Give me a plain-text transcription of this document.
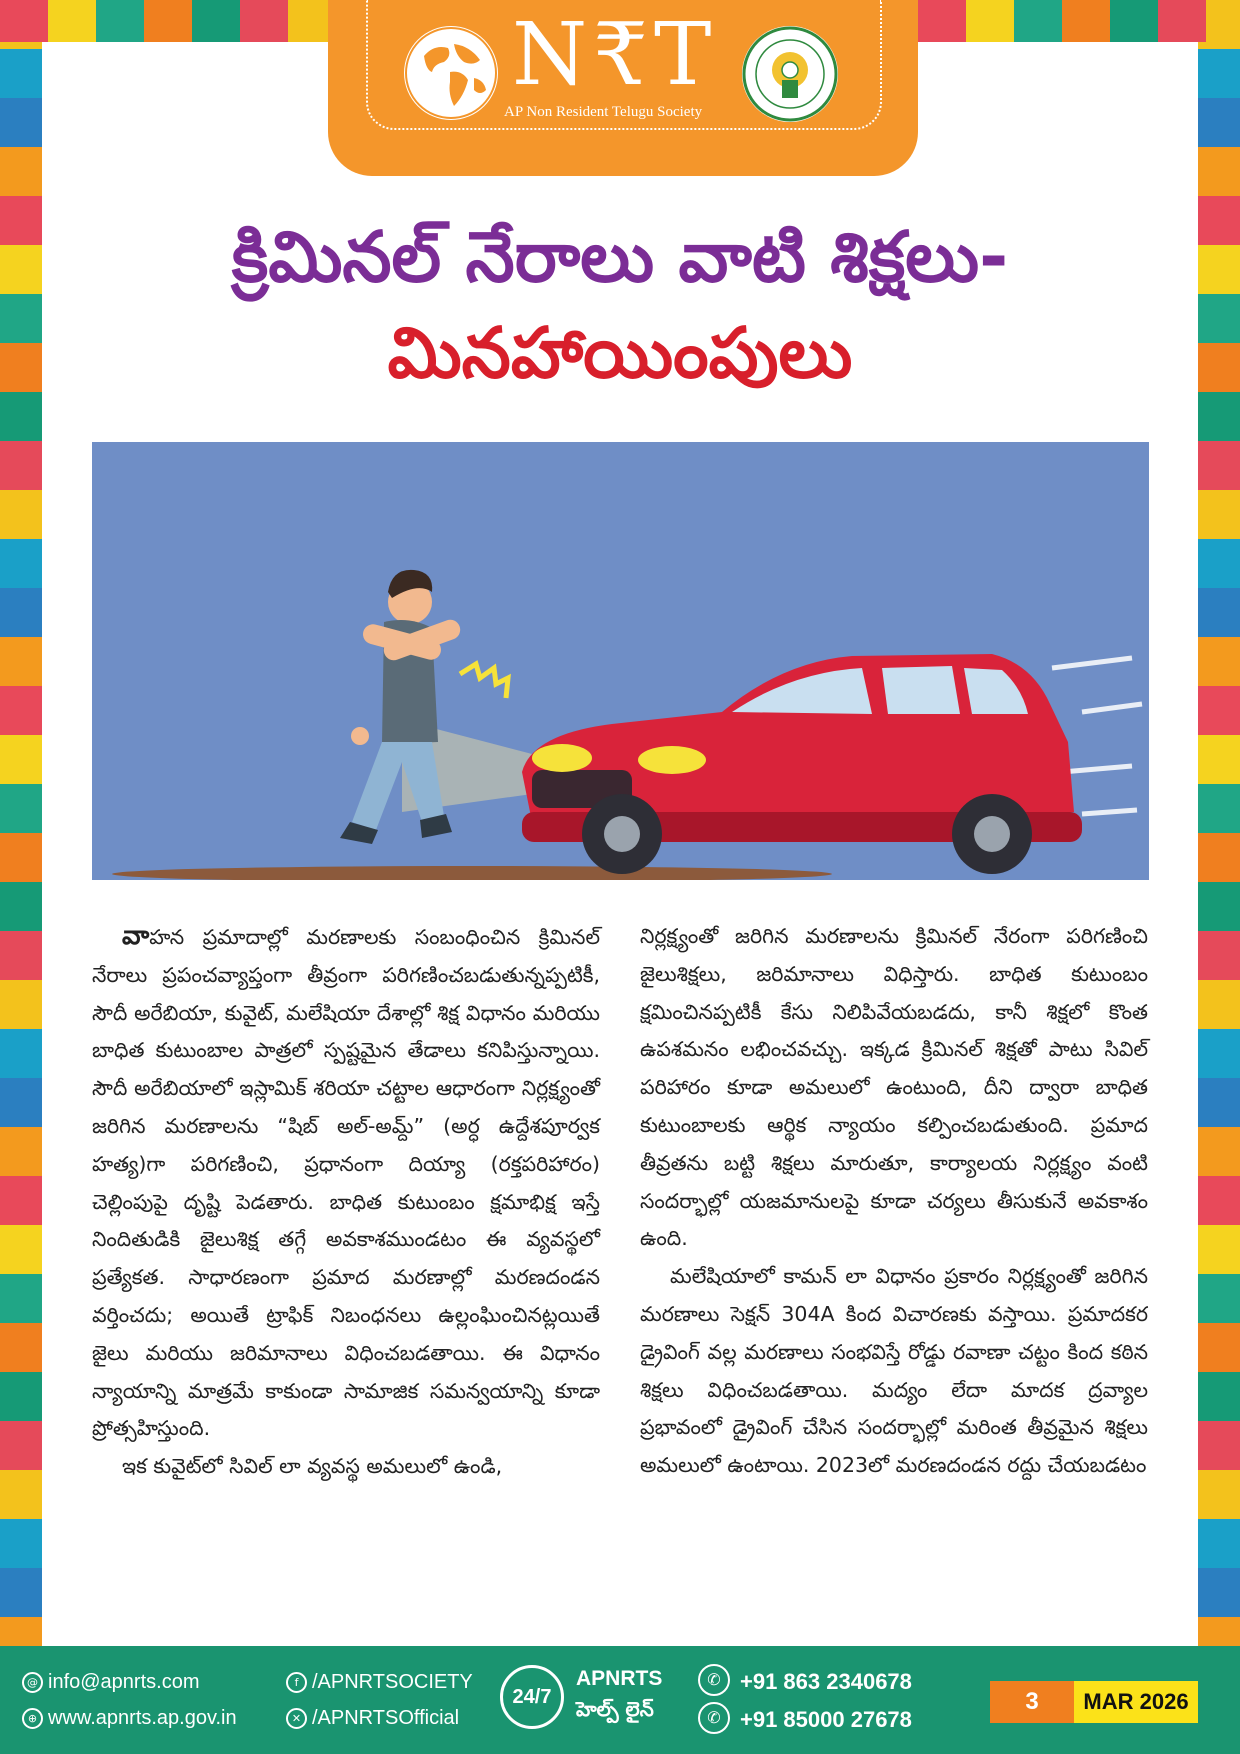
N₹T
AP Non Resident Telugu Society
క్రిమినల్ నేరాలు వాటి శిక్షలు-
మినహాయింపులు

వాహన ప్రమాదాల్లో మరణాలకు సంబంధించిన క్రిమినల్ నేరాలు ప్రపంచవ్యాప్తంగా తీవ్రంగా పరిగణించబడుతున్నప్పటికీ, సౌదీ అరేబియా, కువైట్, మలేషియా దేశాల్లో శిక్ష విధానం మరియు బాధిత కుటుంబాల పాత్రలో స్పష్టమైన తేడాలు కనిపిస్తున్నాయి. సౌదీ అరేబియాలో ఇస్లామిక్ శరియా చట్టాల ఆధారంగా నిర్లక్ష్యంతో జరిగిన మరణాలను “షిబ్ అల్-అమ్ద్” (అర్ధ ఉద్దేశపూర్వక హత్య)గా పరిగణించి, ప్రధానంగా దియ్యా (రక్తపరిహారం) చెల్లింపుపై దృష్టి పెడతారు. బాధిత కుటుంబం క్షమాభిక్ష ఇస్తే నిందితుడికి జైలుశిక్ష తగ్గే అవకాశముండటం ఈ వ్యవస్థలో ప్రత్యేకత. సాధారణంగా ప్రమాద మరణాల్లో మరణదండన వర్తించదు; అయితే ట్రాఫిక్ నిబంధనలు ఉల్లంఘించినట్లయితే జైలు మరియు జరిమానాలు విధించబడతాయి. ఈ విధానం న్యాయాన్ని మాత్రమే కాకుండా సామాజిక సమన్వయాన్ని కూడా ప్రోత్సహిస్తుంది.

ఇక కువైట్‌లో సివిల్ లా వ్యవస్థ అమలులో ఉండి,

నిర్లక్ష్యంతో జరిగిన మరణాలను క్రిమినల్ నేరంగా పరిగణించి జైలుశిక్షలు, జరిమానాలు విధిస్తారు. బాధిత కుటుంబం క్షమించినప్పటికీ కేసు నిలిపివేయబడదు, కానీ శిక్షలో కొంత ఉపశమనం లభించవచ్చు. ఇక్కడ క్రిమినల్ శిక్షతో పాటు సివిల్ పరిహారం కూడా అమలులో ఉంటుంది, దీని ద్వారా బాధిత కుటుంబాలకు ఆర్థిక న్యాయం కల్పించబడుతుంది. ప్రమాద తీవ్రతను బట్టి శిక్షలు మారుతూ, కార్యాలయ నిర్లక్ష్యం వంటి సందర్భాల్లో యజమానులపై కూడా చర్యలు తీసుకునే అవకాశం ఉంది.

మలేషియాలో కామన్ లా విధానం ప్రకారం నిర్లక్ష్యంతో జరిగిన మరణాలు సెక్షన్ 304A కింద విచారణకు వస్తాయి. ప్రమాదకర డ్రైవింగ్ వల్ల మరణాలు సంభవిస్తే రోడ్డు రవాణా చట్టం కింద కఠిన శిక్షలు విధించబడతాయి. మద్యం లేదా మాదక ద్రవ్యాల ప్రభావంలో డ్రైవింగ్ చేసిన సందర్భాల్లో మరింత తీవ్రమైన శిక్షలు అమలులో ఉంటాయి. 2023లో మరణదండన రద్దు చేయబడటం

@ info@apnrts.com
⊕ www.apnrts.ap.gov.in
f /APNRTSOCIETY
✕ /APNRTSOfficial
24/7
APNRTS
హెల్ప్ లైన్
✆ +91 863 2340678
✆ +91 85000 27678
3	MAR 2026
